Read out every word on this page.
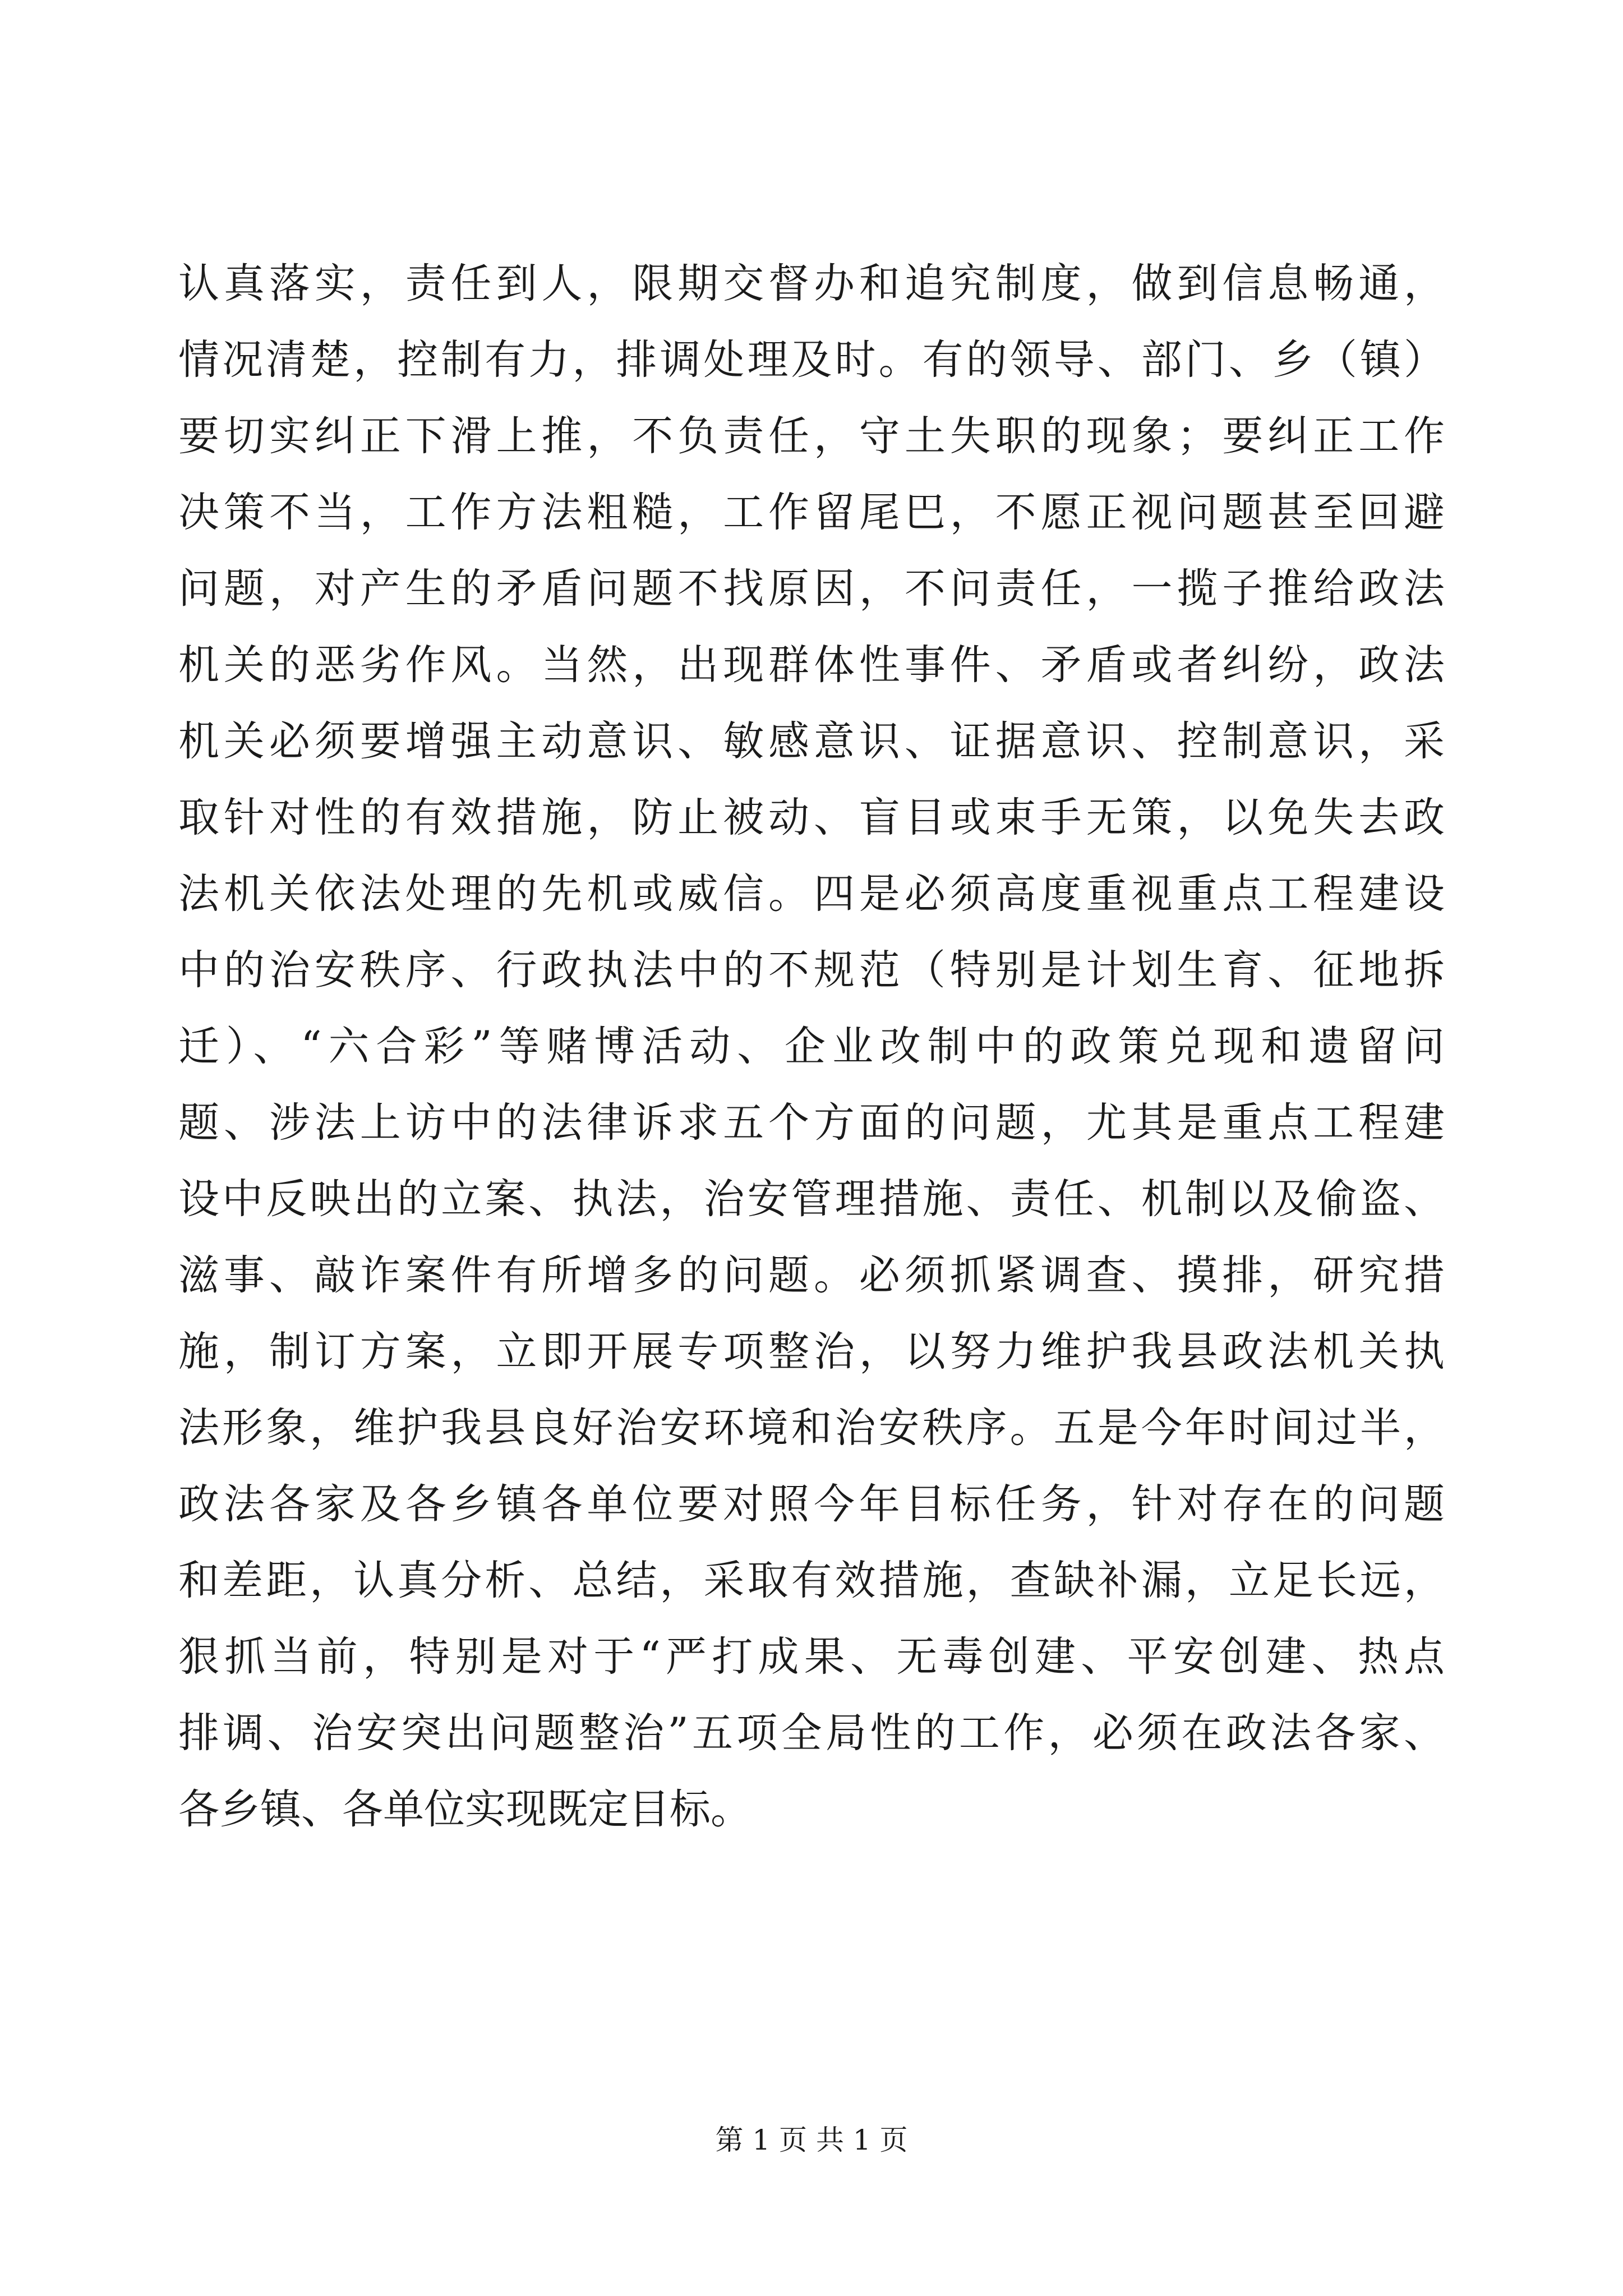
认真落实，责任到人，限期交督办和追究制度，做到信息畅通，
情况清楚，控制有力，排调处理及时。有的领导、部门、乡（镇）
要切实纠正下滑上推，不负责任，守土失职的现象；要纠正工作
决策不当，工作方法粗糙，工作留尾巴，不愿正视问题甚至回避
问题，对产生的矛盾问题不找原因，不问责任，一揽子推给政法
机关的恶劣作风。当然，出现群体性事件、矛盾或者纠纷，政法
机关必须要增强主动意识、敏感意识、证据意识、控制意识，采
取针对性的有效措施，防止被动、盲目或束手无策，以免失去政
法机关依法处理的先机或威信。四是必须高度重视重点工程建设
中的治安秩序、行政执法中的不规范（特别是计划生育、征地拆
迁）、“六合彩”等赌博活动、企业改制中的政策兑现和遗留问
题、涉法上访中的法律诉求五个方面的问题，尤其是重点工程建
设中反映出的立案、执法，治安管理措施、责任、机制以及偷盗、
滋事、敲诈案件有所增多的问题。必须抓紧调查、摸排，研究措
施，制订方案，立即开展专项整治，以努力维护我县政法机关执
法形象，维护我县良好治安环境和治安秩序。五是今年时间过半，
政法各家及各乡镇各单位要对照今年目标任务，针对存在的问题
和差距，认真分析、总结，采取有效措施，查缺补漏，立足长远，
狠抓当前，特别是对于“严打成果、无毒创建、平安创建、热点
排调、治安突出问题整治”五项全局性的工作，必须在政法各家、
各乡镇、各单位实现既定目标。
第 1 页 共 1 页
